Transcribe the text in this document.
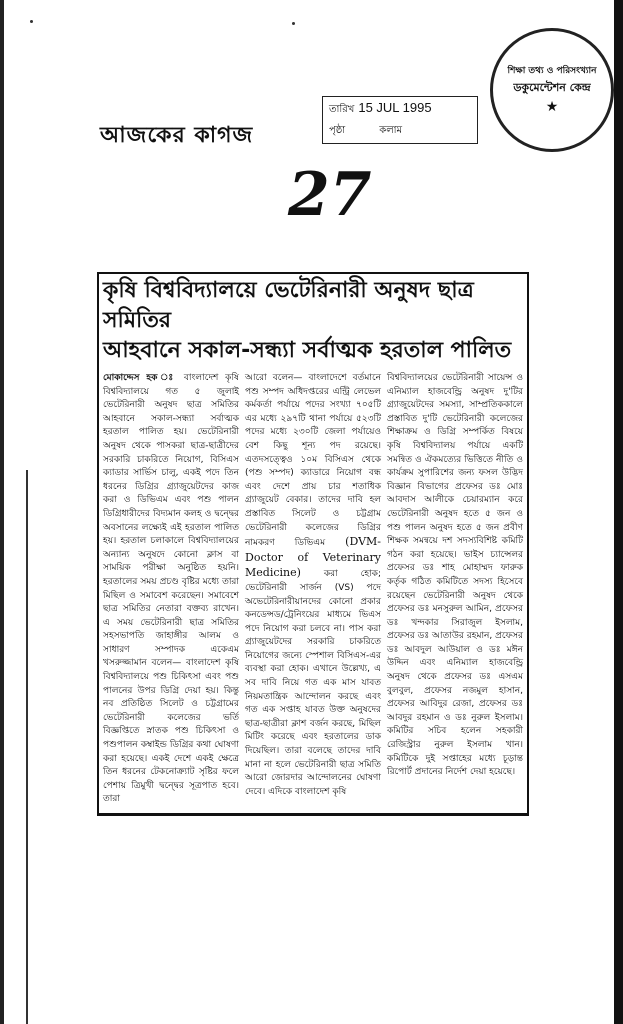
আজকের কাগজ
27
তারিখ 15 JUL 1995
পৃষ্ঠা	কলাম
শিক্ষা তথ্য ও পরিসংখ্যান
ডকুমেন্টেশন কেন্দ্র
★
কৃষি বিশ্ববিদ্যালয়ে ভেটেরিনারী অনুষদ ছাত্র সমিতির
আহবানে সকাল-সন্ধ্যা সর্বাত্মক হরতাল পালিত
মোকাদ্দেস হক ঃ বাংলাদেশ কৃষি বিশ্ববিদ্যালয়ে গত ৫ জুলাই ভেটেরিনারী অনুষদ ছাত্র সমিতির আহবানে সকাল-সন্ধ্যা সর্বাত্মক হরতাল পালিত হয়। ভেটেরিনারী অনুষদ থেকে পাসকরা ছাত্র-ছাত্রীদের সরকারি চাকরিতে নিয়োগ, বিসিএস ক্যাডার সার্ভিস চালু, একই পদে তিন ধরনের ডিগ্রির গ্র্যাজুয়েটদের কাজ করা ও ডিভিএম এবং পশু পালন ডিগ্রিধারীদের বিদ্যমান কলহ ও দ্বন্দ্বের অবসানের লক্ষ্যেই এই হরতাল পালিত হয়। হরতাল চলাকালে বিশ্ববিদ্যালয়ের অন্যান্য অনুষদে কোনো ক্লাস বা সাময়িক পরীক্ষা অনুষ্ঠিত হয়নি। হরতালের সময় প্রচণ্ড বৃষ্টির মধ্যে তারা মিছিল ও সমাবেশ করেছেন। সমাবেশে ছাত্র সমিতির নেতারা বক্তব্য রাখেন। এ সময় ভেটেরিনারী ছাত্র সমিতির সহসভাপতি জাহাঙ্গীর আলম ও সাধারণ সম্পাদক একেএম খসরুজ্জামান বলেন— বাংলাদেশ কৃষি বিশ্ববিদ্যালয়ে পশু চিকিৎসা এবং পশু পালনের উপর ডিগ্রি দেয়া হয়। কিন্তু নব প্রতিষ্ঠিত সিলেট ও চট্টগ্রামের ভেটেরিনারী কলেজের ভর্তি বিজ্ঞপ্তিতে স্নাতক পশু চিকিৎসা ও পশুপালন কম্বাইন্ড ডিগ্রির কথা ঘোষণা করা হয়েছে। একই দেশে একই ক্ষেত্রে তিন ধরনের টেকনোক্র্যাট সৃষ্টির ফলে পেশায় ত্রিমুখী দ্বন্দ্বের সূত্রপাত হবে। তারা
আরো বলেন— বাংলাদেশে বর্তমানে পশু সম্পদ অধিদপ্তরের এন্ট্রি লেভেল কর্মকর্তা পর্যায়ে পদের সংখ্যা ৭০৫টি এর মধ্যে ২৯৭টি থানা পর্যায়ে ৫২৩টি পদের মধ্যে ২৩০টি জেলা পর্যায়েও বেশ কিছু শূন্য পদ রয়েছে। এতদসত্ত্বেও ১০ম বিসিএস থেকে (পশু সম্পদ) ক্যাডারে নিয়োগ বন্ধ এবং দেশে প্রায় চার শতাধিক গ্র্যাজুয়েট বেকার। তাদের দাবি হল প্রস্তাবিত সিলেট ও চট্টগ্রাম ভেটেরিনারী কলেজের ডিগ্রির নামকরণ ডিভিএম (DVM- Doctor of Veterinary Medicine)	করা হোক; ভেটেরিনারী সার্জন (VS) পদে অভেটেরিনারীয়ানদের কোনো প্রকার কনডেন্সড/ট্রেনিংয়ের মাধ্যমে ভিএস পদে নিয়োগ করা চলবে না। পাস করা গ্র্যাজুয়েটদের সরকারি চাকরিতে নিয়োগের জন্যে স্পেশাল বিসিএস-এর ব্যবস্থা করা হোক। এখানে উল্লেখ্য, এ সব দাবি নিয়ে গত এক মাস যাবত নিয়মতান্ত্রিক আন্দোলন করছে এবং গত এক সপ্তাহ যাবত উক্ত অনুষদের ছাত্র-ছাত্রীরা ক্লাশ বর্জন করছে, মিছিল মিটিং করেছে এবং হরতালের ডাক দিয়েছিল। তারা বলেছে তাদের দাবি মানা না হলে ভেটেরিনারী ছাত্র সমিতি আরো জোরদার আন্দোলনের ঘোষণা দেবে। এদিকে বাংলাদেশ কৃষি
বিশ্ববিদ্যালয়ের ভেটেরিনারী সায়েন্স ও এনিম্যাল হাজবেন্ড্রি অনুষদ দু'টির গ্র্যাজুয়েটদের সমস্যা, সাম্প্রতিককালে প্রস্তাবিত দু'টি ভেটেরিনারী কলেজের শিক্ষাক্রম ও ডিগ্রি সম্পর্কিত বিষয়ে কৃষি বিশ্ববিদ্যালয় পর্যায়ে একটি সমন্বিত ও ঐকমত্যের ভিত্তিতে নীতি ও কার্যক্রম সুপারিশের জন্য ফসল উদ্ভিদ বিজ্ঞান বিভাগের প্রফেসর ডঃ মোঃ আবদাস আলীকে চেয়ারম্যান করে ভেটেরিনারী অনুষদ হতে ৫ জন ও পশু পালন অনুষদ হতে ৫ জন প্রবীণ শিক্ষক সমন্বয়ে দশ সদস্যবিশিষ্ট কমিটি গঠন করা হয়েছে। ভাইস চ্যান্সেলর প্রফেসর ডঃ শাহ মোহাম্মদ ফারুক কর্তৃক গঠিত কমিটিতে সদস্য হিসেবে রয়েছেন ভেটেরিনারী অনুষদ থেকে প্রফেসর ডঃ মনসুরুল আমিন, প্রফেসর ডঃ খন্দকার সিরাজুল ইসলাম, প্রফেসর ডঃ আতাউর রহমান, প্রফেসর ডঃ আবদুল আউয়াল ও ডঃ মঈন উদ্দিন এবং এনিম্যাল হাজবেন্ড্রি অনুষদ থেকে প্রফেসর ডঃ এসএম বুলবুল, প্রফেসর নজমুল হাসান, প্রফেসর আবিদুর রেজা, প্রফেসর ডঃ আবদুর রহমান ও ডঃ নুরুল ইসলাম। কমিটির সচিব হলেন সহকারী রেজিস্ট্রার নুরুল ইসলাম খান। কমিটিকে দুই সপ্তাহের মধ্যে চূড়ান্ত রিপোর্ট প্রদানের নির্দেশ দেয়া হয়েছে।
